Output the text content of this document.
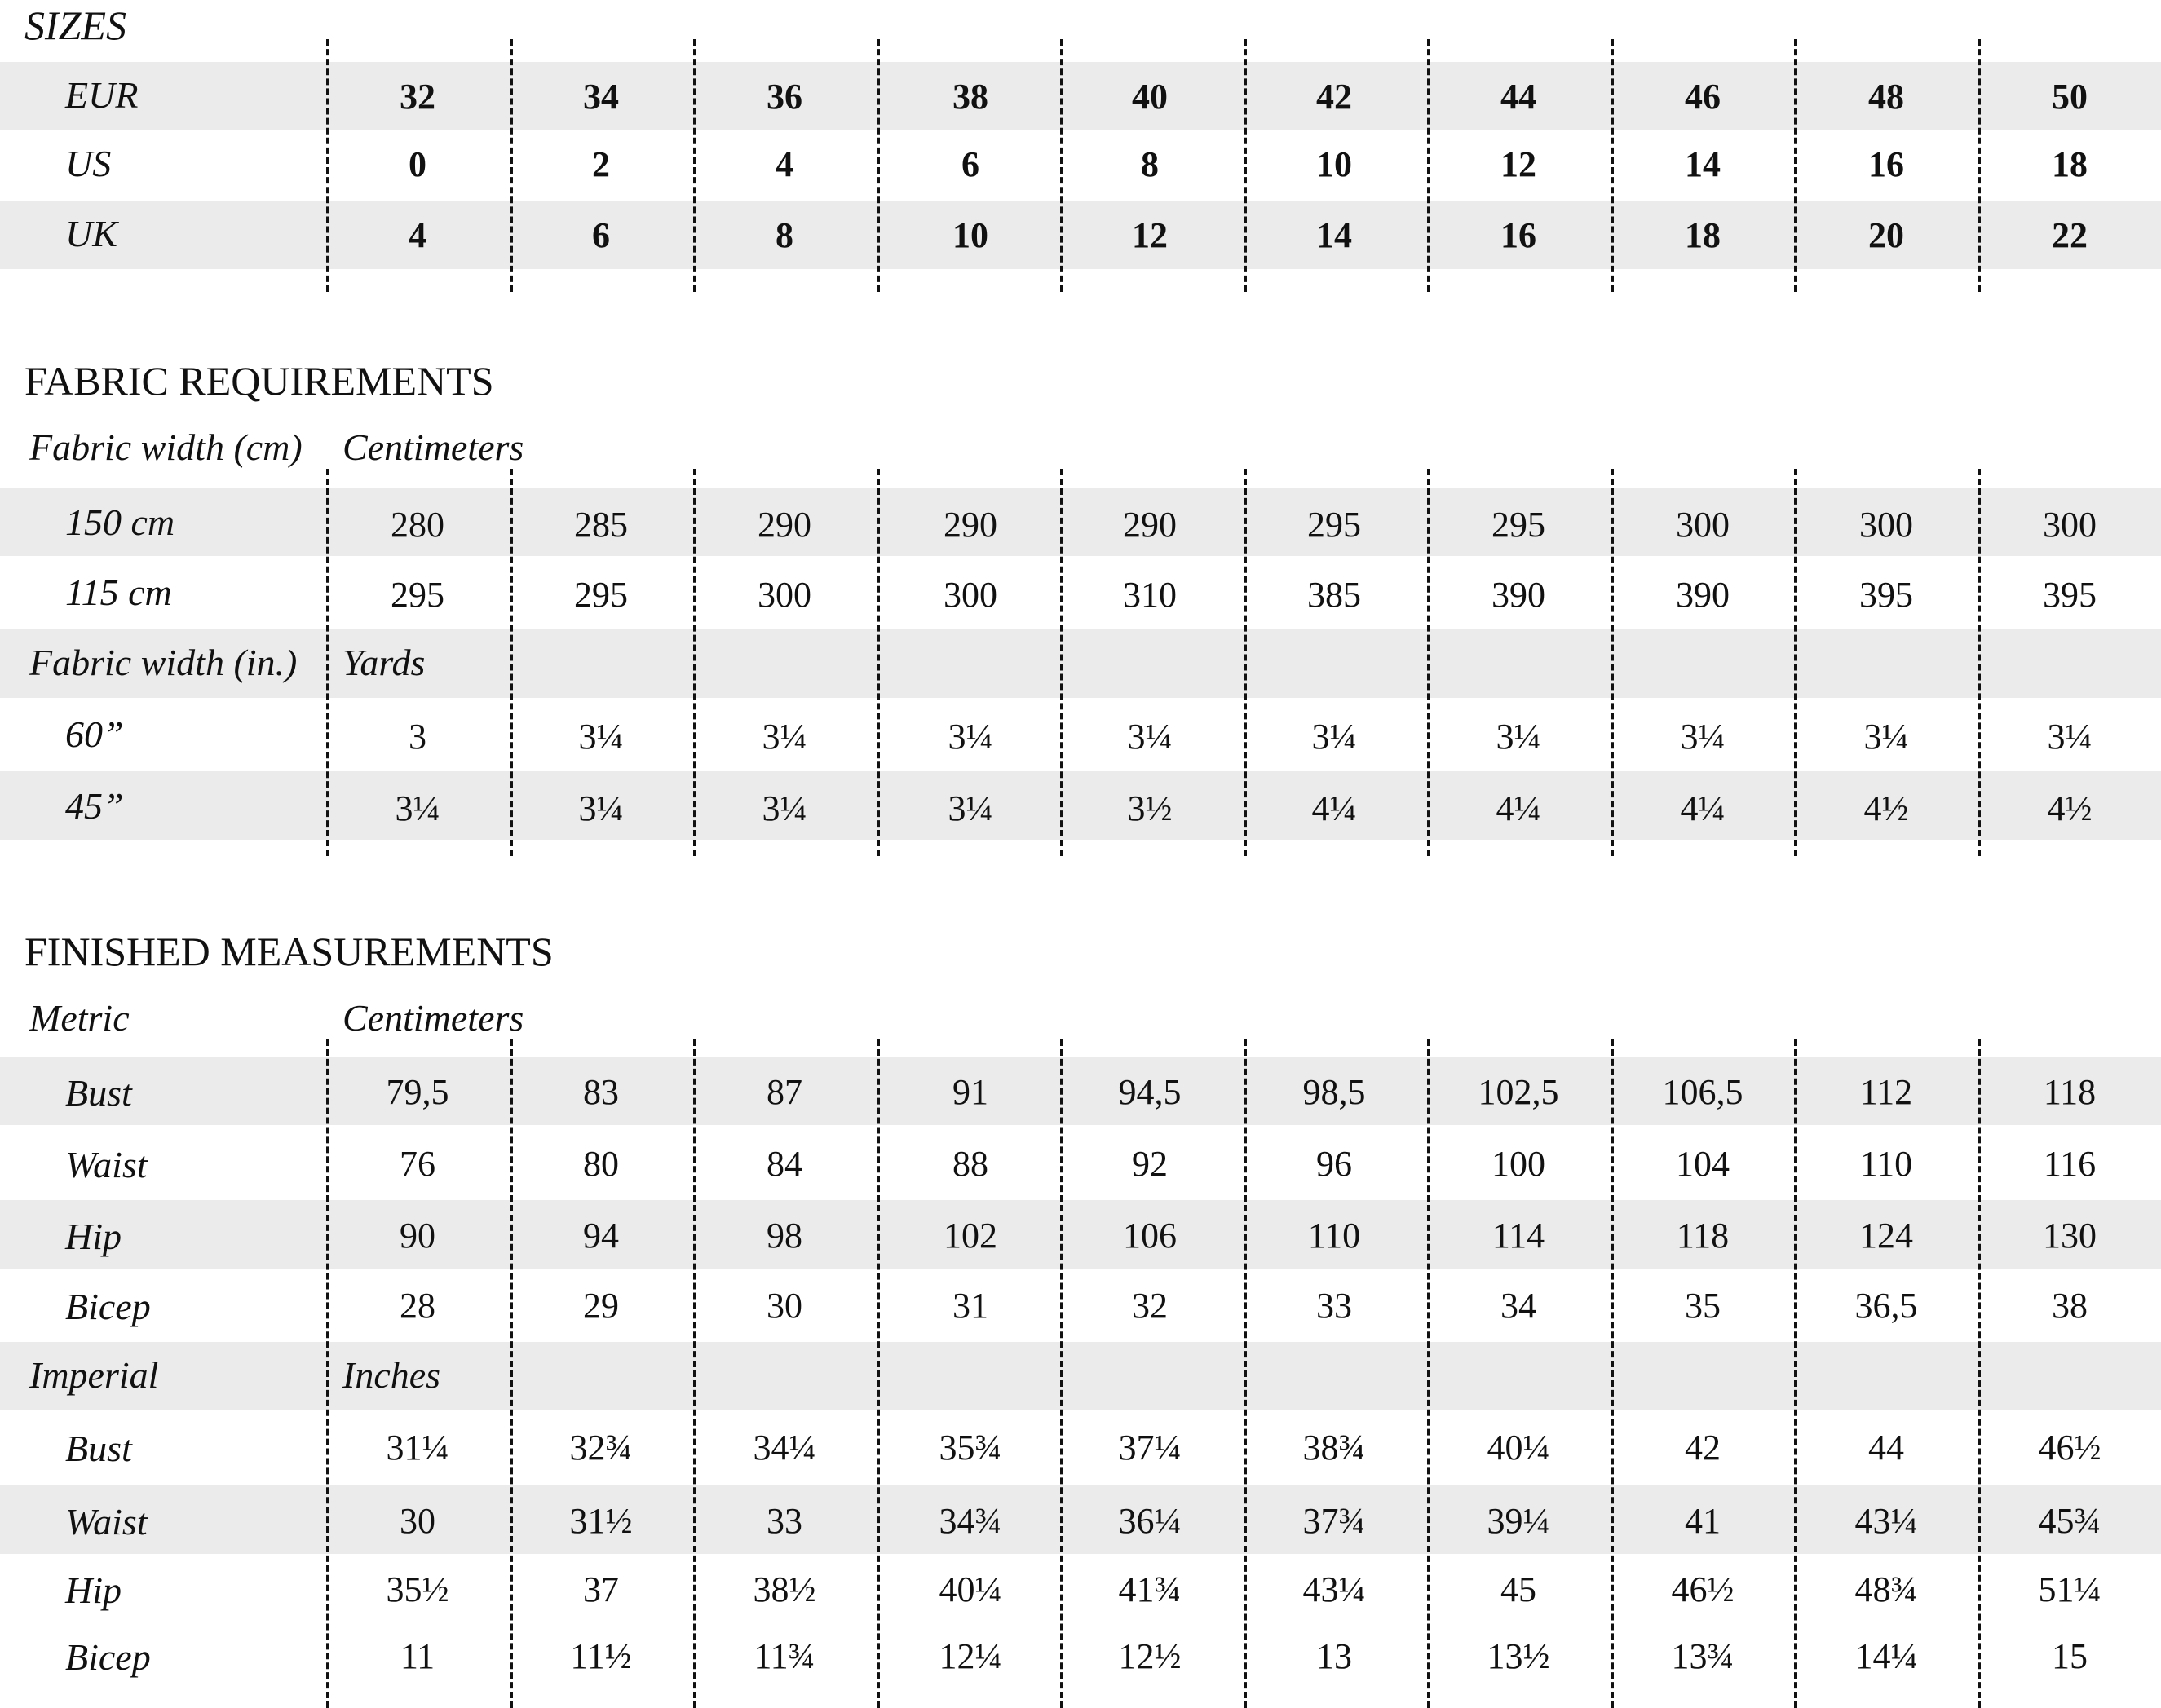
SIZES
EUR	32	34	36	38	40	42	44	46	48	50
US	0	2	4	6	8	10	12	14	16	18
UK	4	6	8	10	12	14	16	18	20	22
FABRIC REQUIREMENTS
Fabric width (cm) Centimeters
150 cm	280	285	290	290	290	295	295	300	300	300
115 cm	295	295	300	300	310	385	390	390	395	395
Fabric width (in.) Yards
60”	3	3¼	3¼	3¼	3¼	3¼	3¼	3¼	3¼	3¼
45”	3¼	3¼	3¼	3¼	3½	4¼	4¼	4¼	4½	4½
FINISHED MEASUREMENTS
Metric	Centimeters
Bust	79,5	83	87	91	94,5	98,5	102,5	106,5	112	118
Waist	76	80	84	88	92	96	100	104	110	116
Hip	90	94	98	102	106	110	114	118	124	130
Bicep	28	29	30	31	32	33	34	35	36,5	38
Imperial	Inches
Bust	31¼	32¾	34¼	35¾	37¼	38¾	40¼	42	44	46½
Waist	30	31½	33	34¾	36¼	37¾	39¼	41	43¼	45¾
Hip	35½	37	38½	40¼	41¾	43¼	45	46½	48¾	51¼
Bicep	11	11½	11¾	12¼	12½	13	13½	13¾	14¼	15
